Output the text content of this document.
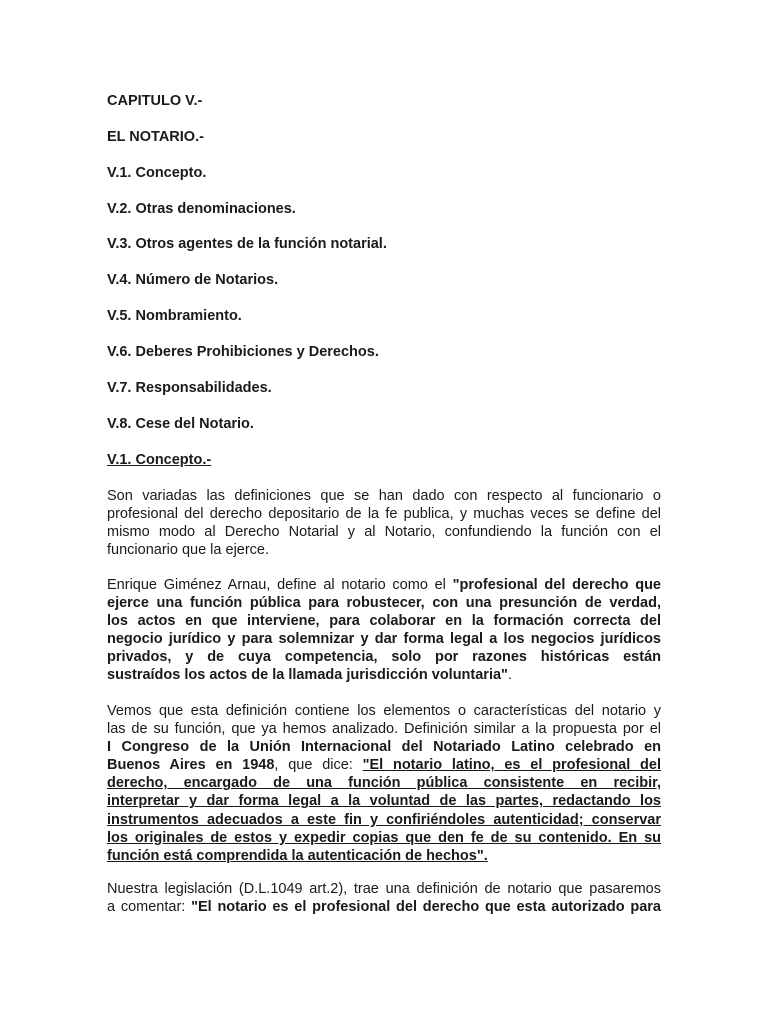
CAPITULO V.-

EL NOTARIO.-

V.1. Concepto.

V.2. Otras denominaciones.

V.3. Otros agentes de la función notarial.

V.4. Número de Notarios.

V.5. Nombramiento.

V.6. Deberes Prohibiciones y Derechos.

V.7. Responsabilidades.

V.8. Cese del Notario.

V.1. Concepto.-

Son variadas las definiciones que se han dado con respecto al funcionario o
profesional del derecho depositario de la fe publica, y muchas veces se define del
mismo modo al Derecho Notarial y al Notario, confundiendo la función con el
funcionario que la ejerce.
Enrique Giménez Arnau, define al notario como el "profesional del derecho que
ejerce una función pública para robustecer, con una presunción de verdad,
los actos en que interviene, para colaborar en la formación correcta del
negocio jurídico y para solemnizar y dar forma legal a los negocios jurídicos
privados, y de cuya competencia, solo por razones históricas están
sustraídos los actos de la llamada jurisdicción voluntaria".
Vemos que esta definición contiene los elementos o características del notario y
las de su función, que ya hemos analizado. Definición similar a la propuesta por el
I Congreso de la Unión Internacional del Notariado Latino celebrado en
Buenos Aires en 1948, que dice: "El notario latino, es el profesional del
derecho, encargado de una función pública consistente en recibir,
interpretar y dar forma legal a la voluntad de las partes, redactando los
instrumentos adecuados a este fin y confiriéndoles autenticidad; conservar
los originales de estos y expedir copias que den fe de su contenido. En su
función está comprendida la autenticación de hechos".
Nuestra legislación (D.L.1049 art.2), trae una definición de notario que pasaremos
a comentar: "El notario es el profesional del derecho que esta autorizado para
